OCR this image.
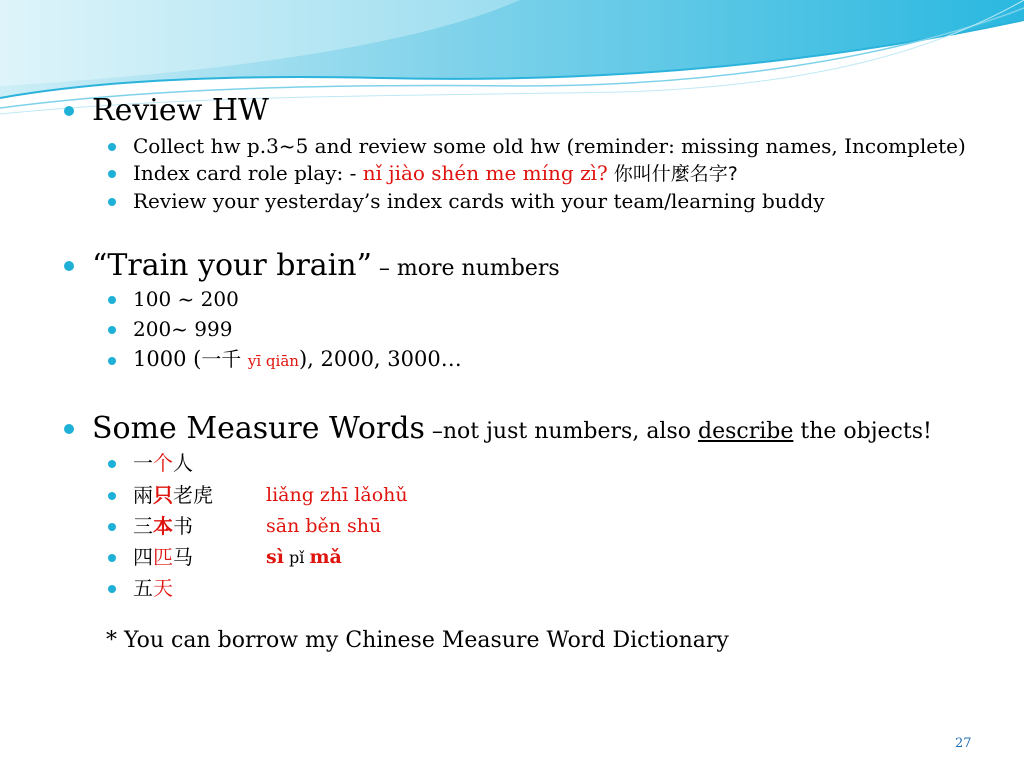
Review HW
Collect hw p.3~5 and review some old hw (reminder: missing names, Incomplete)
Index card role play: - nǐ jiào shén me míng zì? 你叫什麼名字?
Review your yesterday’s index cards with your team/learning buddy
“Train your brain” – more numbers
100 ~ 200
200~ 999
1000 (一千 yī qiān), 2000, 3000…
Some Measure Words –not just numbers, also describe the objects!
一个人
兩只老虎	liǎng zhī lǎohǔ
三本书	sān běn shū
四匹马	sì pǐ mǎ
五天
* You can borrow my Chinese Measure Word Dictionary
27
